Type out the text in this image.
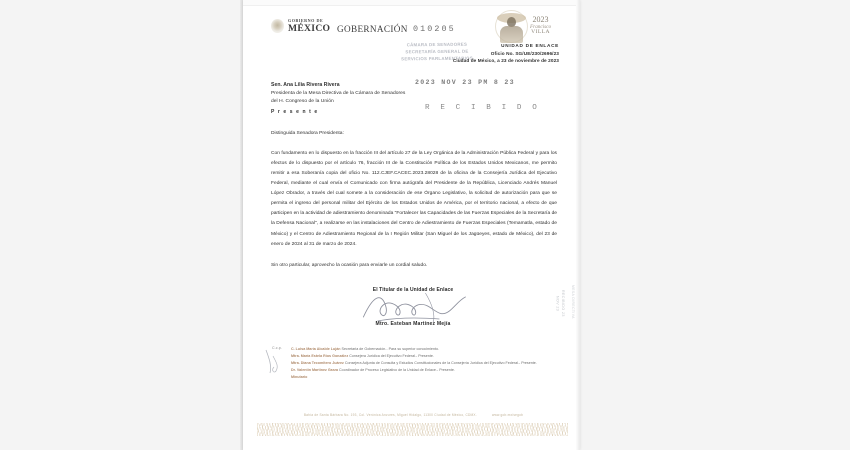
GOBIERNO DE
MÉXICO GOBERNACIÓN 010205
2023
Francisco
VILLA
CÁMARA DE SENADORES
SECRETARÍA GENERAL DE
SERVICIOS PARLAMENTARIOS
UNIDAD DE ENLACE
Oficio No. SG/UE/230/2696/23
Ciudad de México, a 23 de noviembre de 2023
Sen. Ana Lilia Rivera Rivera
Presidenta de la Mesa Directiva de la Cámara de Senadores
del H. Congreso de la Unión
P r e s e n t e
2023 NOV 23 PM 8 23
R E C I B I D O
Distinguida Senadora Presidenta:

Con fundamento en lo dispuesto en la fracción III del artículo 27 de la Ley Orgánica de la Administración Pública Federal y para los efectos de lo dispuesto por el artículo 76, fracción III de la Constitución Política de los Estados Unidos Mexicanos, me permito remitir a esa Soberanía copia del oficio No. 112.CJEF.CACEC.2023.28028 de la oficina de la Consejería Jurídica del Ejecutivo Federal, mediante el cual envía el Comunicado con firma autógrafa del Presidente de la República, Licenciado Andrés Manuel López Obrador, a través del cual somete a la consideración de ese Órgano Legislativo, la solicitud de autorización para que se permita el ingreso del personal militar del Ejército de los Estados Unidos de América, por el territorio nacional, a efecto de que participen en la actividad de adiestramiento denominada "Fortalecer las Capacidades de las Fuerzas Especiales de la Secretaría de la Defensa Nacional", a realizarse en las instalaciones del Centro de Adiestramiento de Fuerzas Especiales (Temamatla, estado de México) y el Centro de Adiestramiento Regional de la I Región Militar (San Miguel de los Jagüeyes, estado de México), del 23 de enero de 2024 al 31 de marzo de 2024.

Sin otro particular, aprovecho la ocasión para enviarle un cordial saludo.

El Titular de la Unidad de Enlace
RECIBIDO 23 NOV 23	MESA DIRECTIVA
Mtro. Esteban Martínez Mejía
C.c.p. C. Luisa María Alcalde Luján Secretaria de Gobernación.- Para su superior conocimiento.
Mtra. María Estela Ríos González Consejera Jurídica del Ejecutivo Federal.- Presente.
Mtra. Diana Tecomitero Juárez Consejera Adjunta de Consulta y Estudios Constitucionales de la Consejería Jurídica del Ejecutivo Federal.- Presente.
Dr. Valentín Martínez Garza Coordinador de Proceso Legislativo de la Unidad de Enlace.- Presente.
Minutario
Bahía de Santa Bárbara No. 193, Col. Verónica Anzures, Miguel Hidalgo, 11300 Ciudad de México, CDMX.	www.gob.mx/segob
